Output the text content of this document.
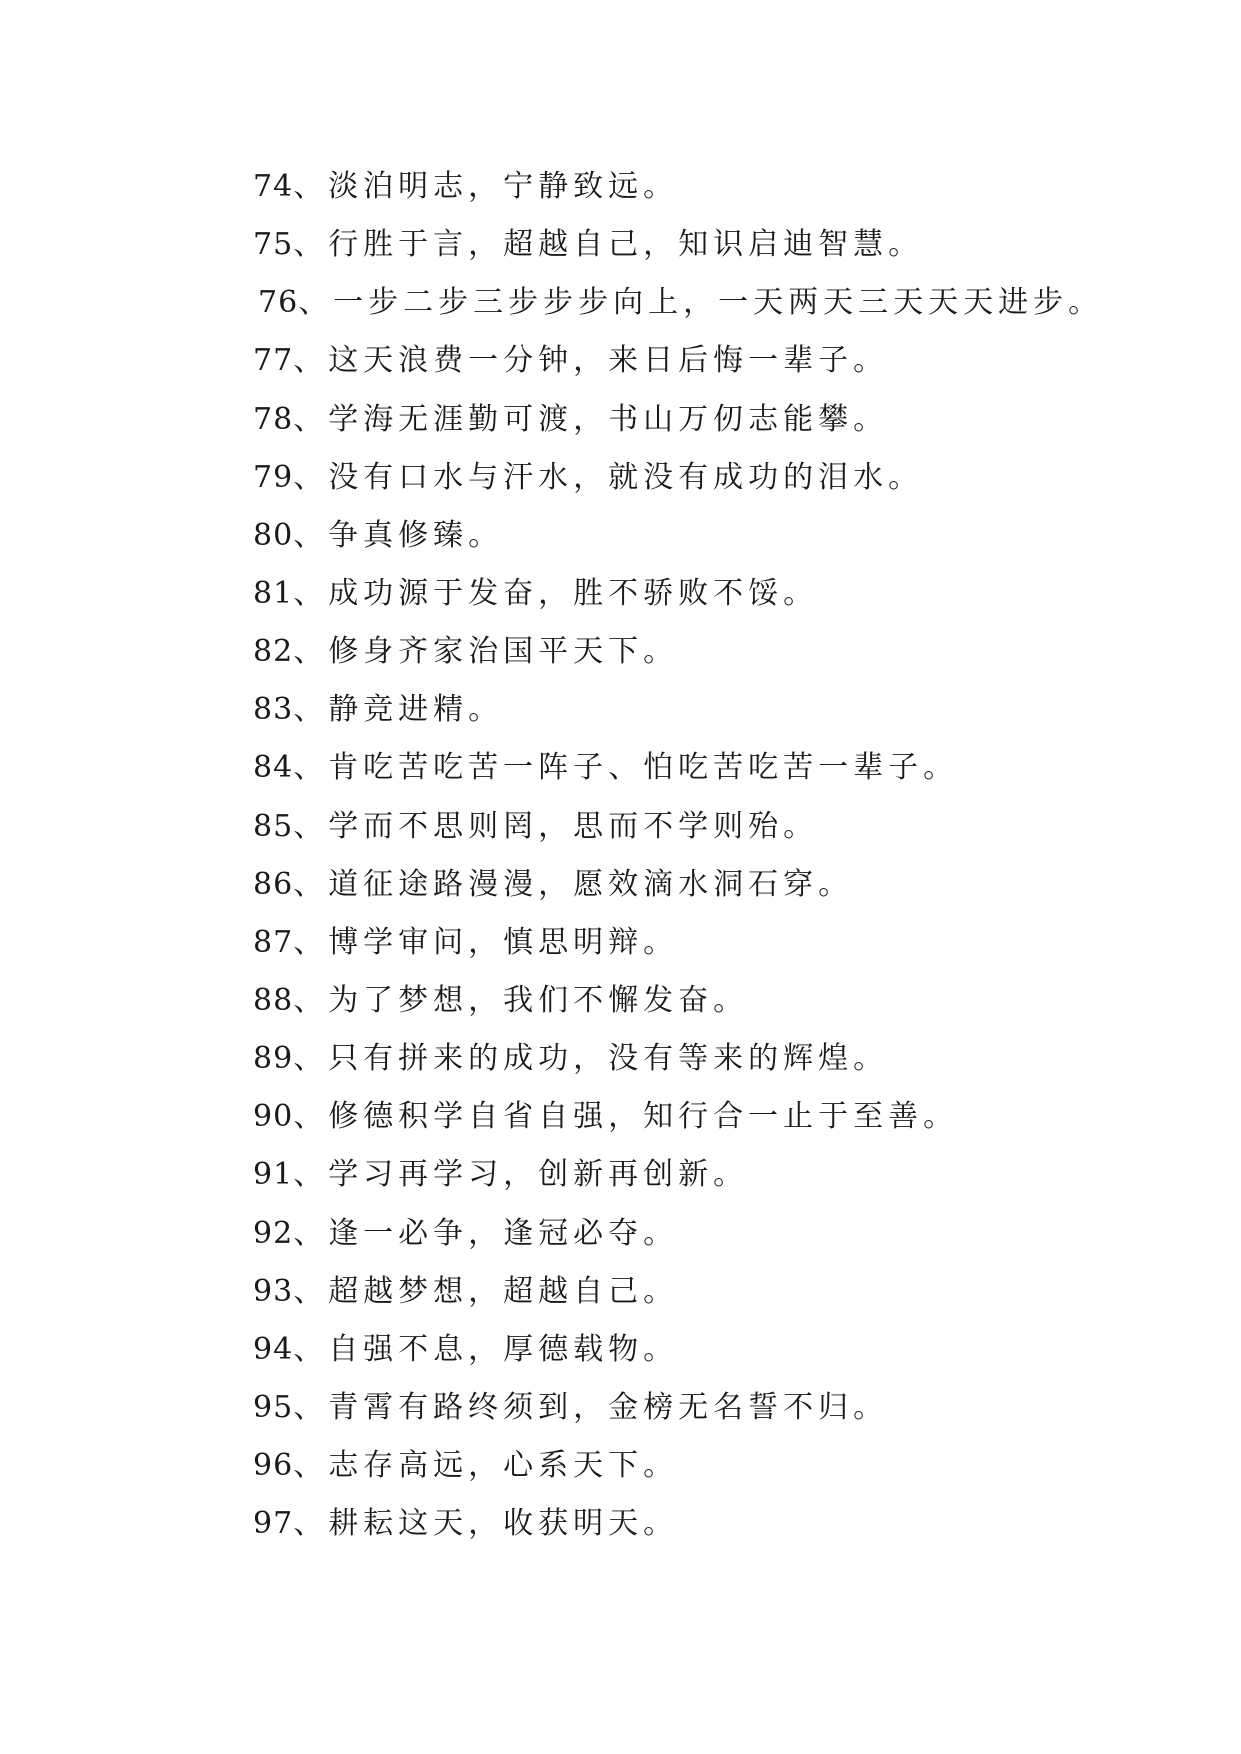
74、淡泊明志，宁静致远。
75、行胜于言，超越自己，知识启迪智慧。
76、一步二步三步步步向上，一天两天三天天天进步。
77、这天浪费一分钟，来日后悔一辈子。
78、学海无涯勤可渡，书山万仞志能攀。
79、没有口水与汗水，就没有成功的泪水。
80、争真修臻。
81、成功源于发奋，胜不骄败不馁。
82、修身齐家治国平天下。
83、静竞进精。
84、肯吃苦吃苦一阵子、怕吃苦吃苦一辈子。
85、学而不思则罔，思而不学则殆。
86、道征途路漫漫，愿效滴水洞石穿。
87、博学审问，慎思明辩。
88、为了梦想，我们不懈发奋。
89、只有拼来的成功，没有等来的辉煌。
90、修德积学自省自强，知行合一止于至善。
91、学习再学习，创新再创新。
92、逢一必争，逢冠必夺。
93、超越梦想，超越自己。
94、自强不息，厚德载物。
95、青霄有路终须到，金榜无名誓不归。
96、志存高远，心系天下。
97、耕耘这天，收获明天。
